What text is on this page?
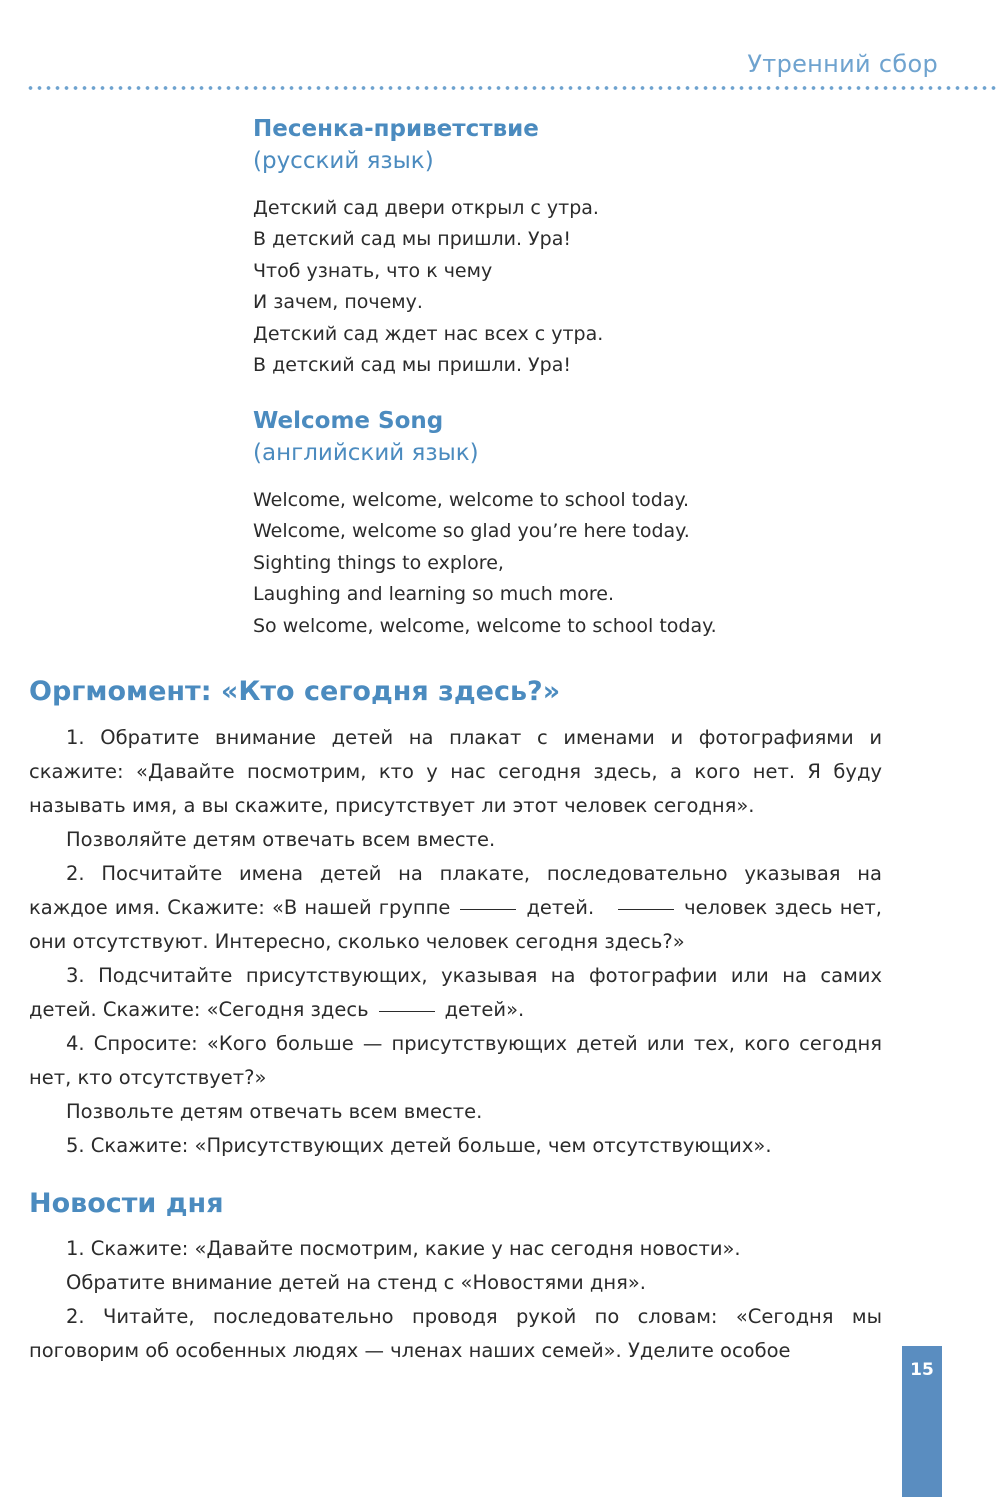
Утренний сбор

Песенка-приветствие

(русский язык)

Детский сад двери открыл с утра.
В детский сад мы пришли. Ура!
Чтоб узнать, что к чему
И зачем, почему.
Детский сад ждет нас всех с утра.
В детский сад мы пришли. Ура!

Welcome Song

(английский язык)

Welcome, welcome, welcome to school today.
Welcome, welcome so glad you’re here today.
Sighting things to explore,
Laughing and learning so much more.
So welcome, welcome, welcome to school today.
Оргмомент: «Кто сегодня здесь?»

1. Обратите внимание детей на плакат с именами и фотографиями и скажите: «Давайте посмотрим, кто у нас сегодня здесь, а кого нет. Я буду называть имя, а вы скажите, присутствует ли этот человек сегодня».

Позволяйте детям отвечать всем вместе.

2. Посчитайте имена детей на плакате, последовательно указывая на каждое имя. Скажите: «В нашей группе	детей.	человек здесь нет, они отсутствуют. Интересно, сколько человек сегодня здесь?»

3. Подсчитайте присутствующих, указывая на фотографии или на самих детей. Скажите: «Сегодня здесь	детей».

4. Спросите: «Кого больше — присутствующих детей или тех, кого сегодня нет, кто отсутствует?»

Позвольте детям отвечать всем вместе.

5. Скажите: «Присутствующих детей больше, чем отсутствующих».

Новости дня

1. Скажите: «Давайте посмотрим, какие у нас сегодня новости».

Обратите внимание детей на стенд с «Новостями дня».

2. Читайте, последовательно проводя рукой по словам: «Сегодня мы поговорим об особенных людях — членах наших семей». Уделите особое

15
